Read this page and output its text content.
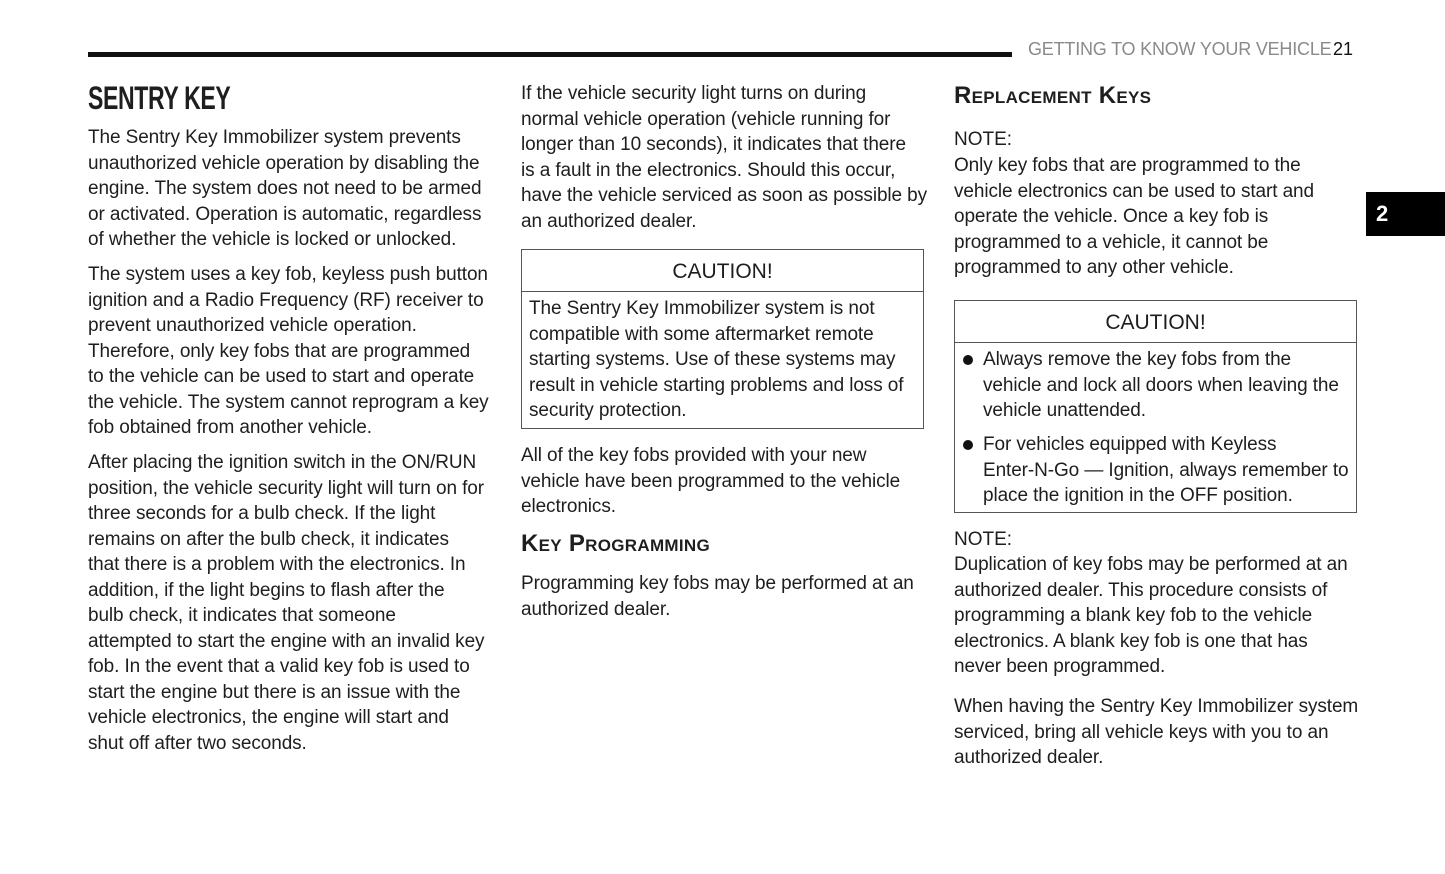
GETTING TO KNOW YOUR VEHICLE 21
2
SENTRY KEY
The Sentry Key Immobilizer system prevents
unauthorized vehicle operation by disabling the
engine. The system does not need to be armed
or activated. Operation is automatic, regardless
of whether the vehicle is locked or unlocked.
The system uses a key fob, keyless push button
ignition and a Radio Frequency (RF) receiver to
prevent unauthorized vehicle operation.
Therefore, only key fobs that are programmed
to the vehicle can be used to start and operate
the vehicle. The system cannot reprogram a key
fob obtained from another vehicle.
After placing the ignition switch in the ON/RUN
position, the vehicle security light will turn on for
three seconds for a bulb check. If the light
remains on after the bulb check, it indicates
that there is a problem with the electronics. In
addition, if the light begins to flash after the
bulb check, it indicates that someone
attempted to start the engine with an invalid key
fob. In the event that a valid key fob is used to
start the engine but there is an issue with the
vehicle electronics, the engine will start and
shut off after two seconds.
If the vehicle security light turns on during
normal vehicle operation (vehicle running for
longer than 10 seconds), it indicates that there
is a fault in the electronics. Should this occur,
have the vehicle serviced as soon as possible by
an authorized dealer.
CAUTION!
The Sentry Key Immobilizer system is not
compatible with some aftermarket remote
starting systems. Use of these systems may
result in vehicle starting problems and loss of
security protection.
All of the key fobs provided with your new
vehicle have been programmed to the vehicle
electronics.
Key Programming
Programming key fobs may be performed at an
authorized dealer.
Replacement Keys
NOTE:
Only key fobs that are programmed to the
vehicle electronics can be used to start and
operate the vehicle. Once a key fob is
programmed to a vehicle, it cannot be
programmed to any other vehicle.
CAUTION!
Always remove the key fobs from the
vehicle and lock all doors when leaving the
vehicle unattended.
For vehicles equipped with Keyless
Enter-N-Go — Ignition, always remember to
place the ignition in the OFF position.
NOTE:
Duplication of key fobs may be performed at an
authorized dealer. This procedure consists of
programming a blank key fob to the vehicle
electronics. A blank key fob is one that has
never been programmed.
When having the Sentry Key Immobilizer system
serviced, bring all vehicle keys with you to an
authorized dealer.
